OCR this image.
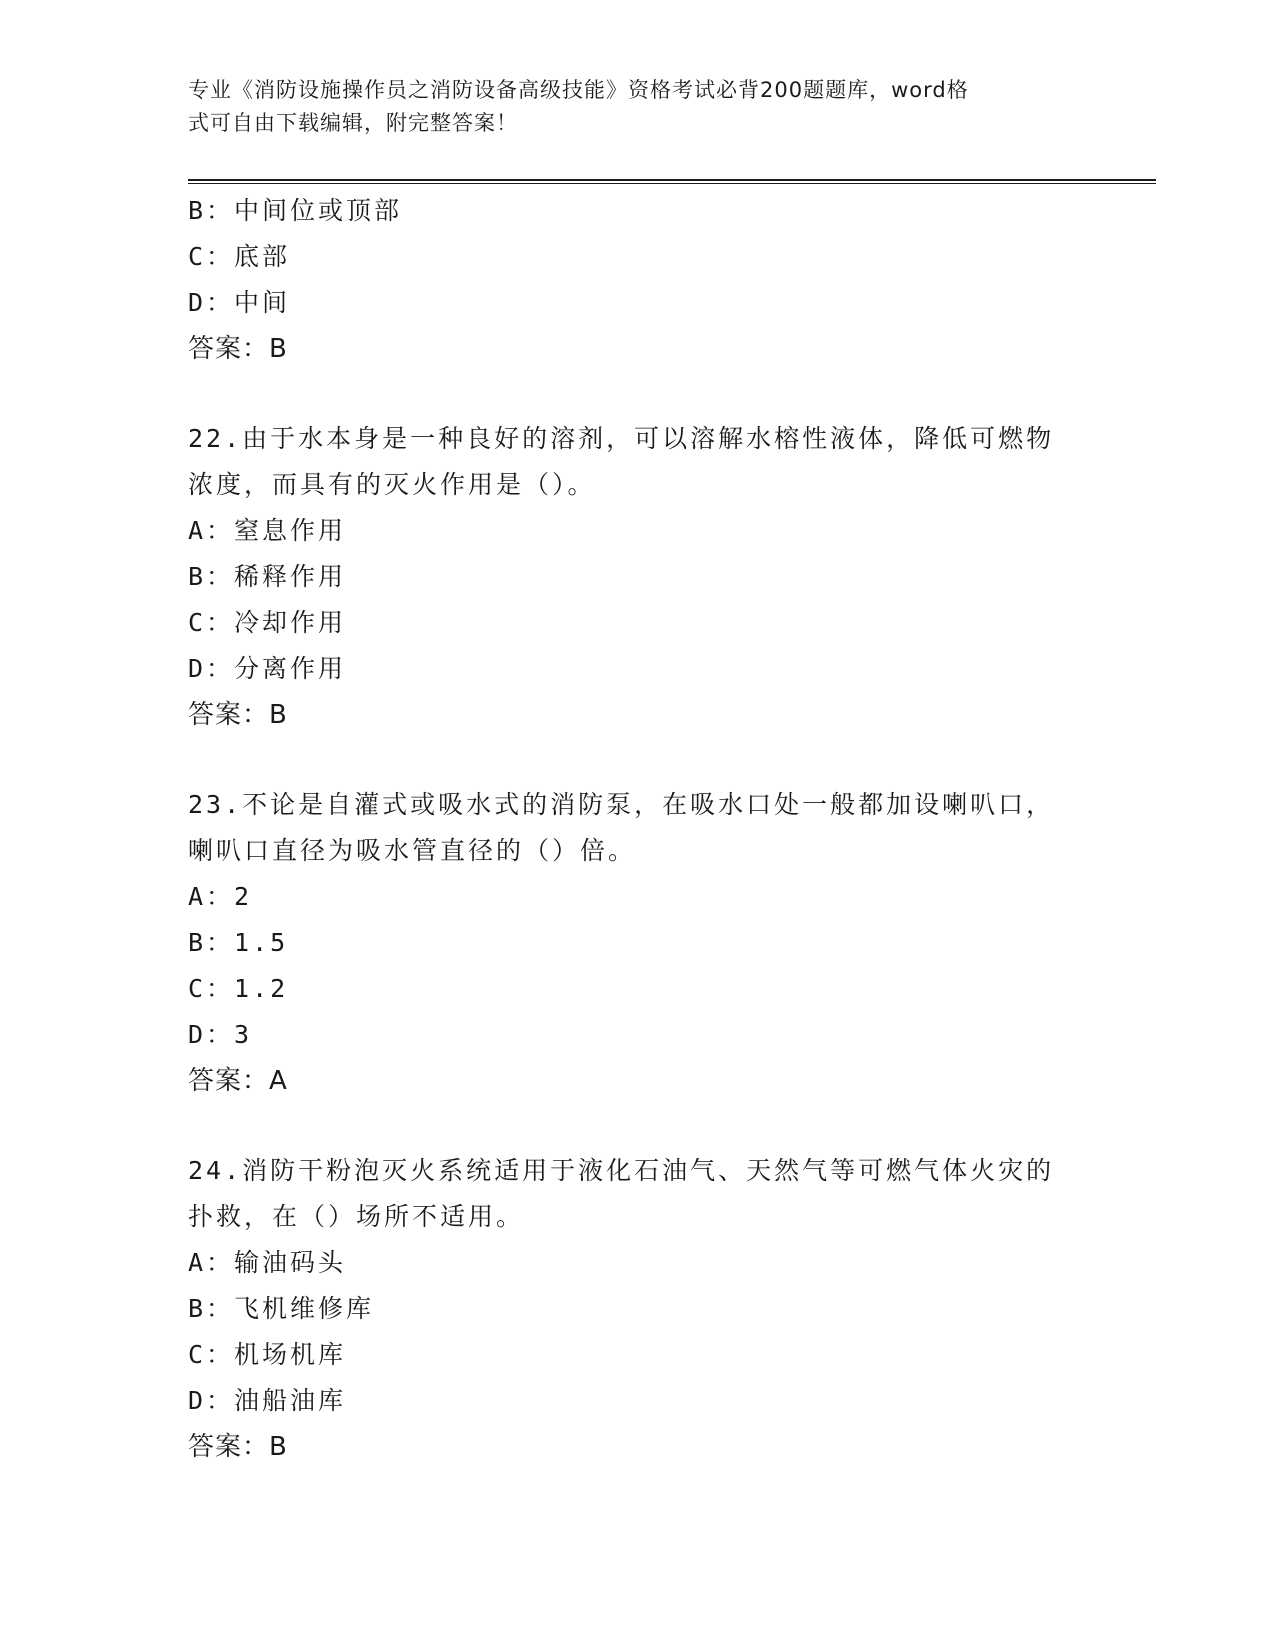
专业《消防设施操作员之消防设备高级技能》资格考试必背200题题库，word格
式可自由下载编辑，附完整答案！
B：中间位或顶部
C：底部
D：中间
答案：B
22.由于水本身是一种良好的溶剂，可以溶解水榕性液体，降低可燃物
浓度，而具有的灭火作用是（）。
A：窒息作用
B：稀释作用
C：冷却作用
D：分离作用
答案：B
23.不论是自灌式或吸水式的消防泵，在吸水口处一般都加设喇叭口，
喇叭口直径为吸水管直径的（）倍。
A：2
B：1.5
C：1.2
D：3
答案：A
24.消防干粉泡灭火系统适用于液化石油气、天然气等可燃气体火灾的
扑救，在（）场所不适用。
A：输油码头
B：飞机维修库
C：机场机库
D：油船油库
答案：B
